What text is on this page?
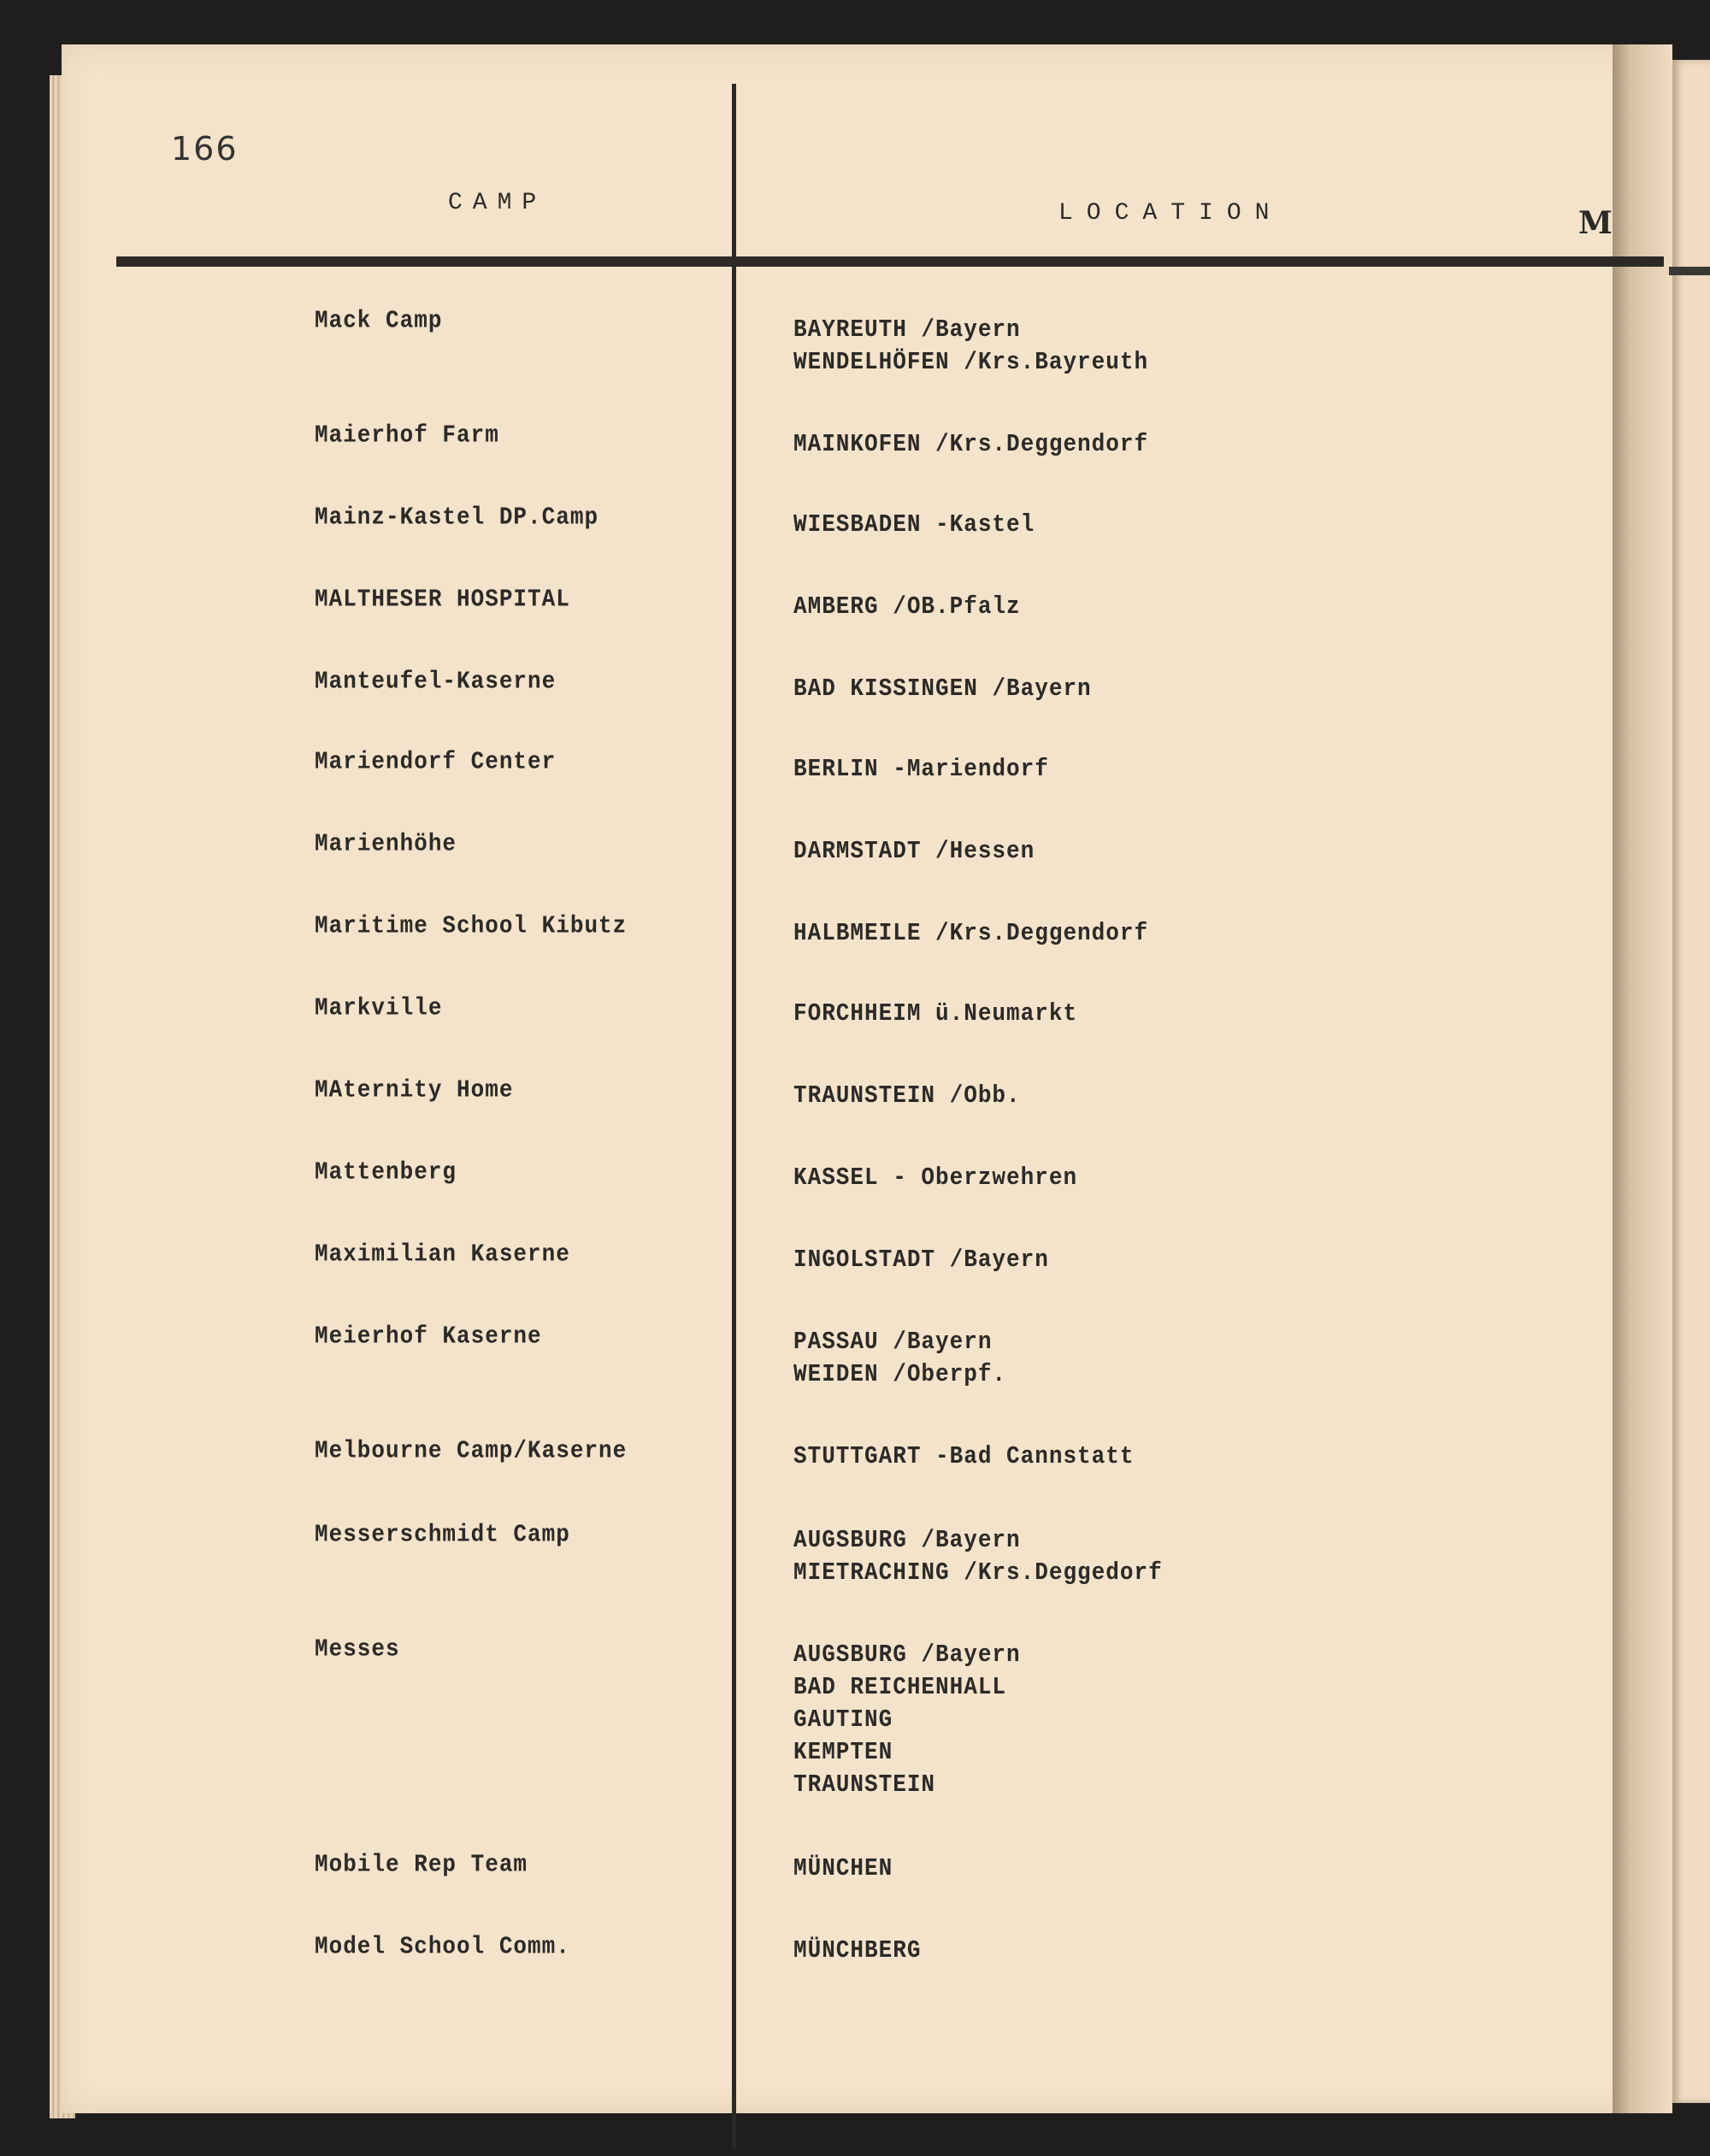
166
CAMP	LOCATION	M
Mack Camp	BAYREUTH /Bayern
WENDELHÖFEN /Krs.Bayreuth
Maierhof Farm	MAINKOFEN /Krs.Deggendorf
Mainz-Kastel DP.Camp	WIESBADEN -Kastel
MALTHESER HOSPITAL	AMBERG /OB.Pfalz
Manteufel-Kaserne	BAD KISSINGEN /Bayern
Mariendorf Center	BERLIN -Mariendorf
Marienhöhe	DARMSTADT /Hessen
Maritime School Kibutz	HALBMEILE /Krs.Deggendorf
Markville	FORCHHEIM ü.Neumarkt
MAternity Home	TRAUNSTEIN /Obb.
Mattenberg	KASSEL - Oberzwehren
Maximilian Kaserne	INGOLSTADT /Bayern
Meierhof Kaserne	PASSAU /Bayern
WEIDEN /Oberpf.
Melbourne Camp/Kaserne	STUTTGART -Bad Cannstatt
Messerschmidt Camp	AUGSBURG /Bayern
MIETRACHING /Krs.Deggedorf
Messes	AUGSBURG /Bayern
BAD REICHENHALL
GAUTING
KEMPTEN
TRAUNSTEIN
Mobile Rep Team	MÜNCHEN
Model School Comm.	MÜNCHBERG
